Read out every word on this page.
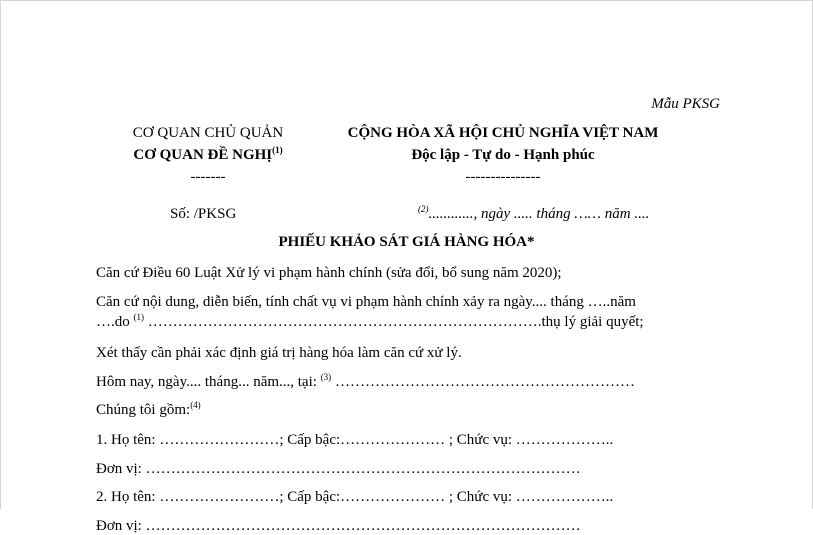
Mẫu PKSG
CƠ QUAN CHỦ QUẢN
CƠ QUAN ĐỀ NGHỊ$^{(1)}$
-------
CỘNG HÒA XÃ HỘI CHỦ NGHĨA VIỆT NAM
Độc lập - Tự do - Hạnh phúc
---------------
Số: /PKSG	$^{(2)}$............, ngày ..... tháng …… năm ....
PHIẾU KHẢO SÁT GIÁ HÀNG HÓA*
Căn cứ Điều 60 Luật Xử lý vi phạm hành chính (sửa đổi, bổ sung năm 2020);
Căn cứ nội dung, diễn biến, tính chất vụ vi phạm hành chính xảy ra ngày.... tháng …..năm
….do $^{(1)}$ …………………………………………………………………….thụ lý giải quyết;
Xét thấy cần phải xác định giá trị hàng hóa làm căn cứ xử lý.
Hôm nay, ngày.... tháng... năm..., tại: $^{(3)}$ ……………………………………………………
Chúng tôi gồm:$^{(4)}$
1. Họ tên: ……………………; Cấp bậc:………………… ; Chức vụ: ………………..
Đơn vị: ……………………………………………………………………………
2. Họ tên: ……………………; Cấp bậc:………………… ; Chức vụ: ………………..
Đơn vị: ……………………………………………………………………………
